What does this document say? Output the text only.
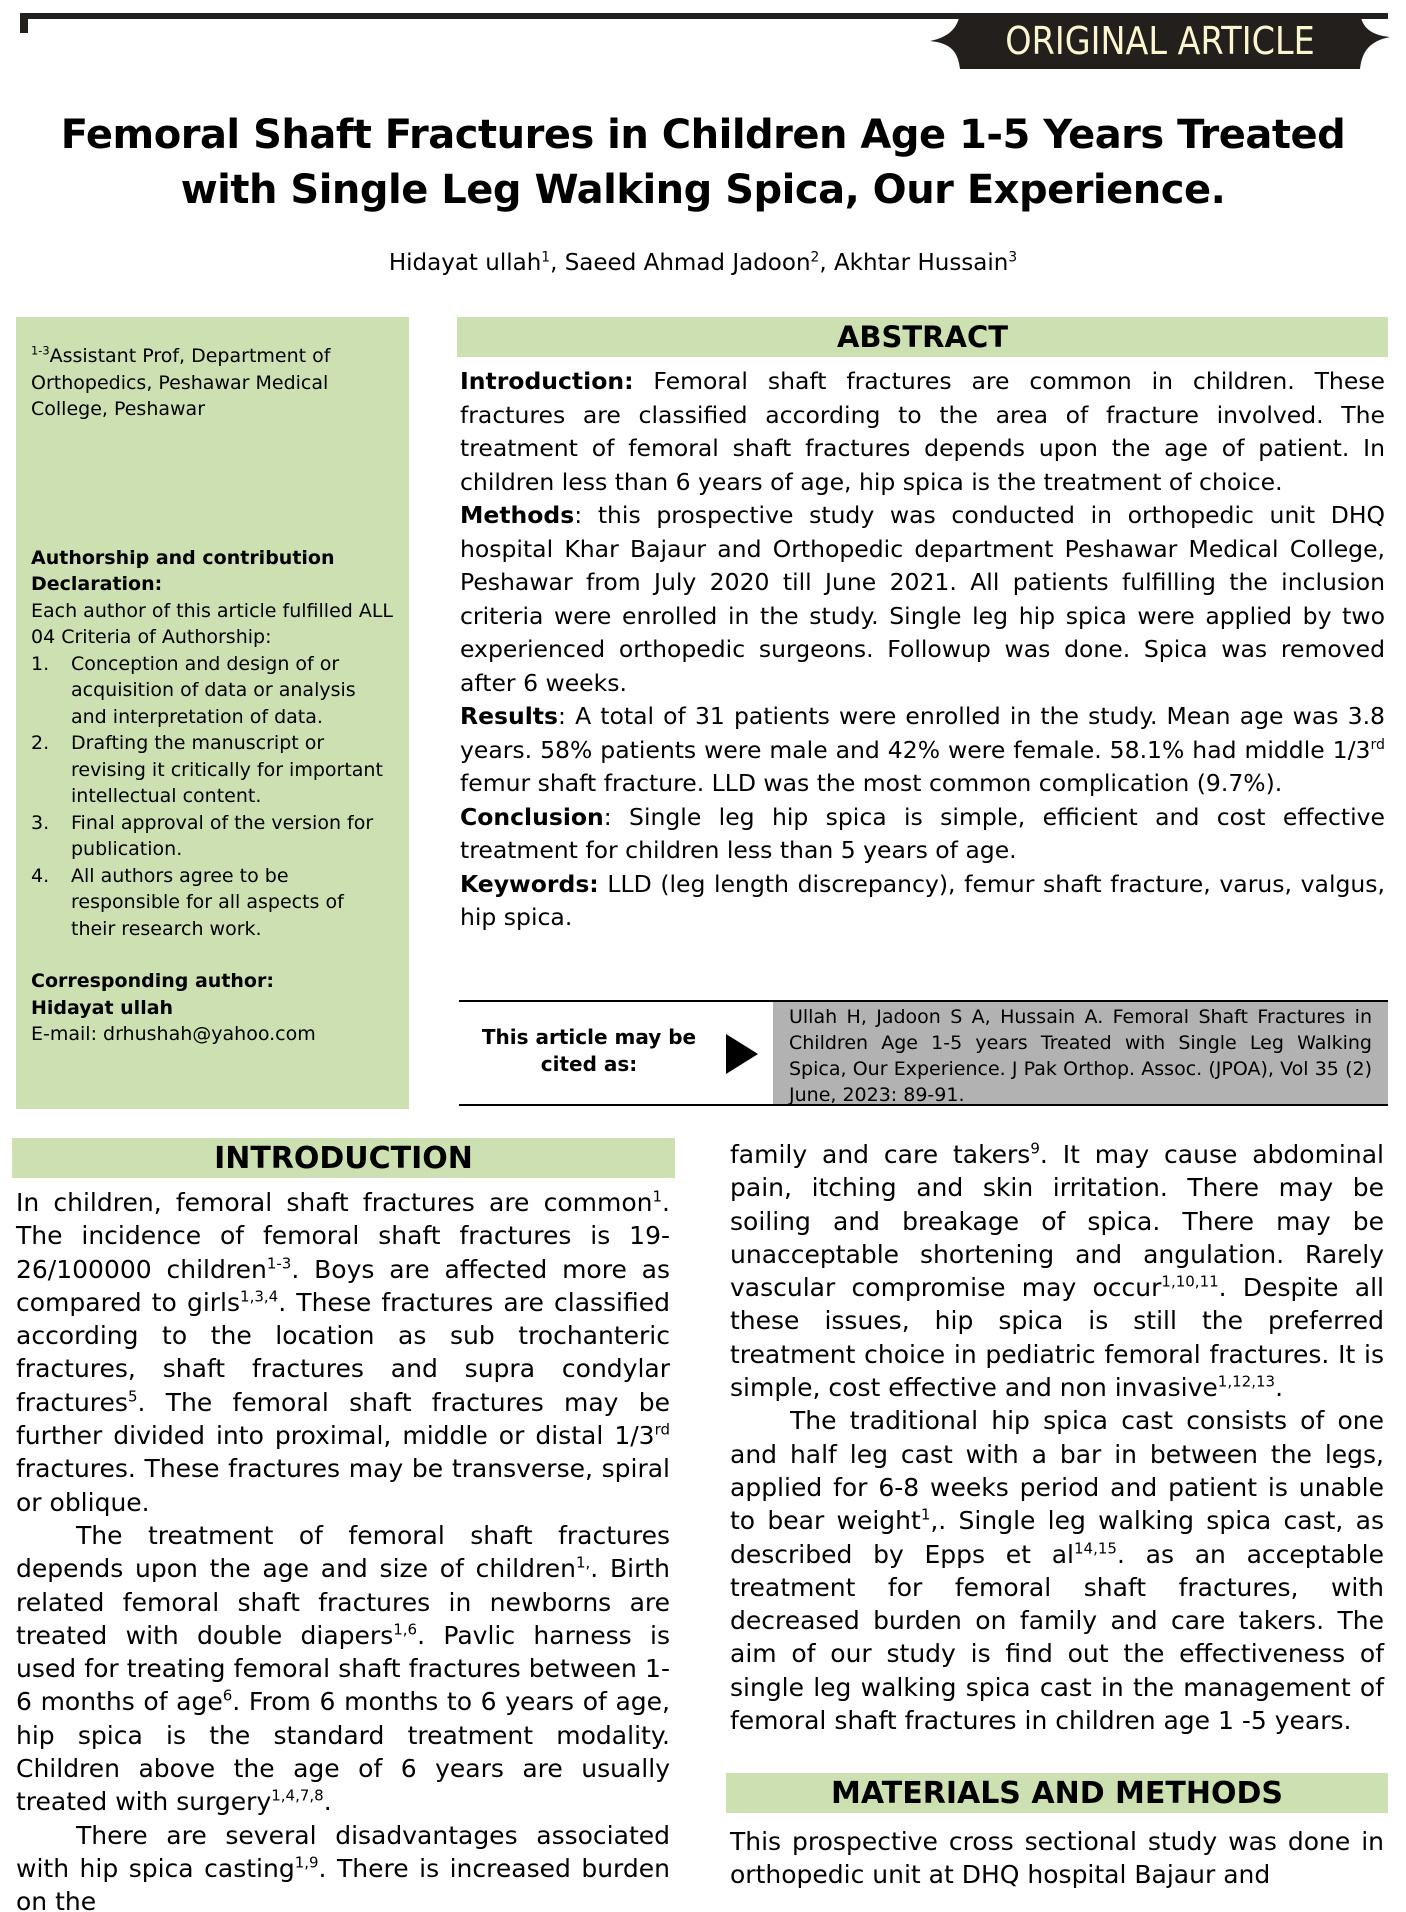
ORIGINAL ARTICLE
Femoral Shaft Fractures in Children Age 1-5 Years Treated
with Single Leg Walking Spica, Our Experience.
Hidayat ullah$^1$, Saeed Ahmad Jadoon$^2$, Akhtar Hussain$^3$
$^{1-3}$Assistant Prof, Department of Orthopedics, Peshawar Medical College, Peshawar
Authorship and contribution Declaration:
Each author of this article fulfilled ALL 04 Criteria of Authorship:
1.	Conception and design of or acquisition of data or analysis and interpretation of data.
2.	Drafting the manuscript or revising it critically for important intellectual content.
3.	Final approval of the version for publication.
4.	All authors agree to be responsible for all aspects of their research work.
Corresponding author:
Hidayat ullah
E-mail: drhushah@yahoo.com
ABSTRACT

Introduction: Femoral shaft fractures are common in children. These fractures are classified according to the area of fracture involved. The treatment of femoral shaft fractures depends upon the age of patient. In children less than 6 years of age, hip spica is the treatment of choice.

Methods: this prospective study was conducted in orthopedic unit DHQ hospital Khar Bajaur and Orthopedic department Peshawar Medical College, Peshawar from July 2020 till June 2021. All patients fulfilling the inclusion criteria were enrolled in the study. Single leg hip spica were applied by two experienced orthopedic surgeons. Followup was done. Spica was removed after 6 weeks.

Results: A total of 31 patients were enrolled in the study. Mean age was 3.8 years. 58% patients were male and 42% were female. 58.1% had middle 1/3rd femur shaft fracture. LLD was the most common complication (9.7%).

Conclusion: Single leg hip spica is simple, efficient and cost effective treatment for children less than 5 years of age.

Keywords: LLD (leg length discrepancy), femur shaft fracture, varus, valgus, hip spica.

This article may be cited as:
Ullah H, Jadoon S A, Hussain A. Femoral Shaft Fractures in Children Age 1-5 years Treated with Single Leg Walking Spica, Our Experience. J Pak Orthop. Assoc. (JPOA), Vol 35 (2) June, 2023: 89-91.
INTRODUCTION

In children, femoral shaft fractures are common$^1$. The incidence of femoral shaft fractures is 19-26/100000 children$^{1-3}$. Boys are affected more as compared to girls$^{1,3,4}$. These fractures are classified according to the location as sub trochanteric fractures, shaft fractures and supra condylar fractures$^5$. The femoral shaft fractures may be further divided into proximal, middle or distal 1/3rd fractures. These fractures may be transverse, spiral or oblique.

The treatment of femoral shaft fractures depends upon the age and size of children$^{1,}$. Birth related femoral shaft fractures in newborns are treated with double diapers$^{1,6}$. Pavlic harness is used for treating femoral shaft fractures between 1-6 months of age$^6$. From 6 months to 6 years of age, hip spica is the standard treatment modality. Children above the age of 6 years are usually treated with surgery$^{1,4,7,8}$.

There are several disadvantages associated with hip spica casting$^{1,9}$. There is increased burden on the

family and care takers$^9$. It may cause abdominal pain, itching and skin irritation. There may be soiling and breakage of spica. There may be unacceptable shortening and angulation. Rarely vascular compromise may occur$^{1,10,11}$. Despite all these issues, hip spica is still the preferred treatment choice in pediatric femoral fractures. It is simple, cost effective and non invasive$^{1,12,13}$.

The traditional hip spica cast consists of one and half leg cast with a bar in between the legs, applied for 6-8 weeks period and patient is unable to bear weight$^1$,. Single leg walking spica cast, as described by Epps et al$^{14,15}$. as an acceptable treatment for femoral shaft fractures, with decreased burden on family and care takers. The aim of our study is find out the effectiveness of single leg walking spica cast in the management of femoral shaft fractures in children age 1 -5 years.

MATERIALS AND METHODS

This prospective cross sectional study was done in orthopedic unit at DHQ hospital Bajaur and
